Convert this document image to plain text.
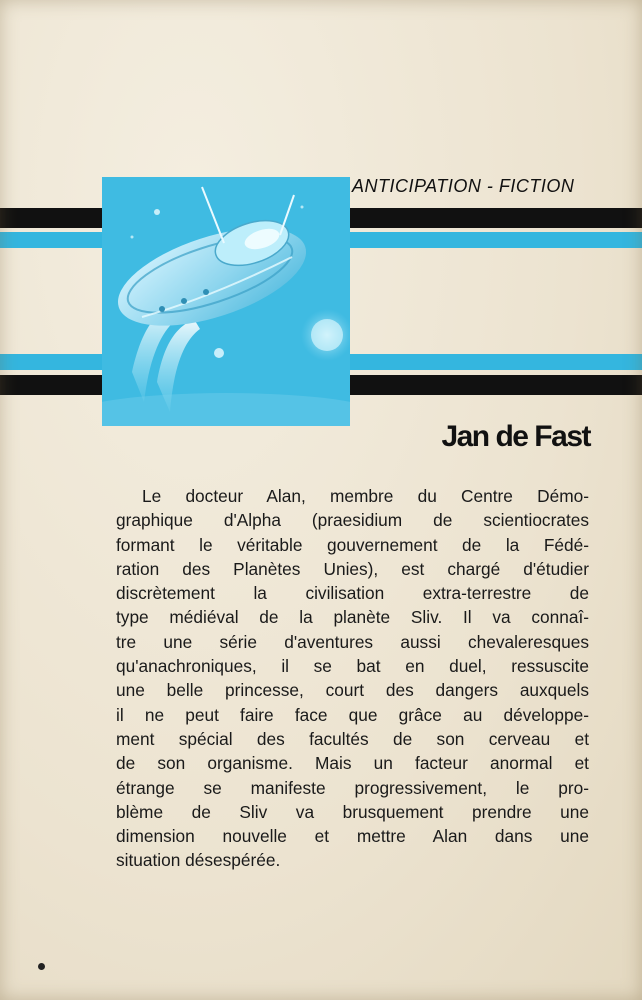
ANTICIPATION - FICTION
Jan de Fast
Le docteur Alan, membre du Centre Démo-
graphique d'Alpha (praesidium de scientiocrates
formant le véritable gouvernement de la Fédé-
ration des Planètes Unies), est chargé d'étudier
discrètement la civilisation extra-terrestre de
type médiéval de la planète Sliv. Il va connaî-
tre une série d'aventures aussi chevaleresques
qu'anachroniques, il se bat en duel, ressuscite
une belle princesse, court des dangers auxquels
il ne peut faire face que grâce au développe-
ment spécial des facultés de son cerveau et
de son organisme. Mais un facteur anormal et
étrange se manifeste progressivement, le pro-
blème de Sliv va brusquement prendre une
dimension nouvelle et mettre Alan dans une
situation désespérée.
